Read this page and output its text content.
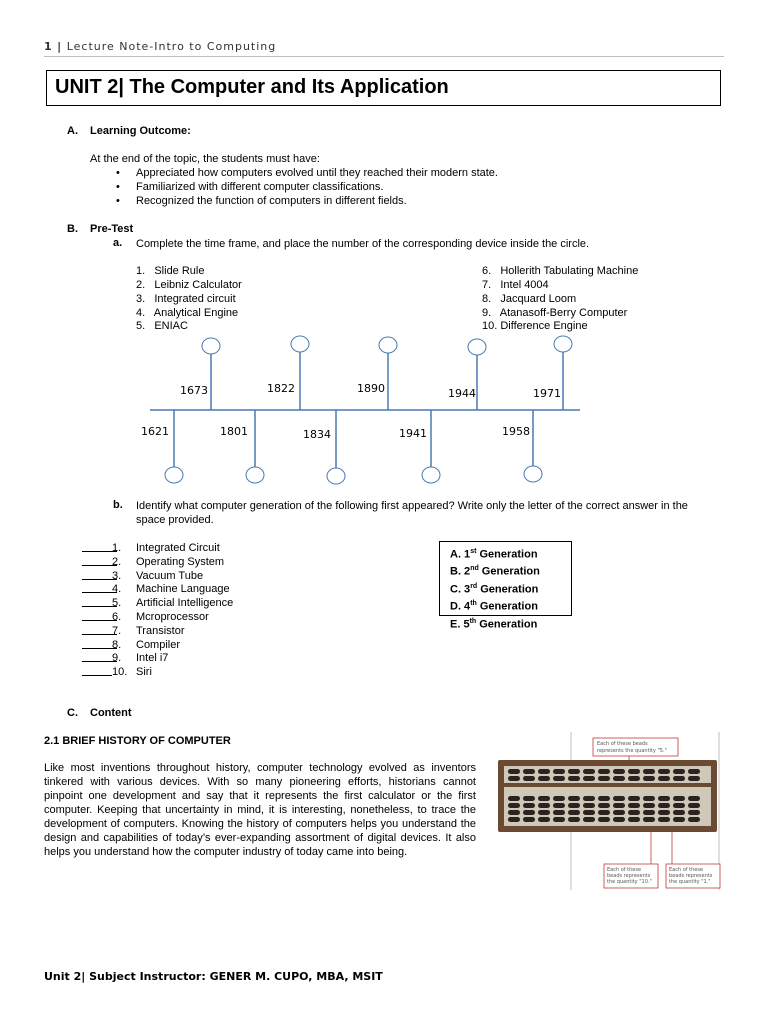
1 | Lecture Note-Intro to Computing
UNIT 2| The Computer and Its Application
A. Learning Outcome:
At the end of the topic, the students must have:
• Appreciated how computers evolved until they reached their modern state.
• Familiarized with different computer classifications.
• Recognized the function of computers in different fields.
B. Pre-Test
a. Complete the time frame, and place the number of the corresponding device inside the circle.
1.   Slide Rule
2.   Leibniz Calculator
3.   Integrated circuit
4.   Analytical Engine
5.   ENIAC
6.   Hollerith Tabulating Machine
7.   Intel 4004
8.   Jacquard Loom
9.   Atanasoff-Berry Computer
10. Difference Engine
1673	1822	1890	1944	1971
1621	1801	1834	1941	1958
b. Identify what computer generation of the following first appeared? Write only the letter of the correct answer in the
space provided.
1. Integrated Circuit
2. Operating System
3. Vacuum Tube
4. Machine Language
5. Artificial Intelligence
6. Mcroprocessor
7. Transistor
8. Compiler
9. Intel i7
10. Siri
A. 1st Generation
B. 2nd Generation
C. 3rd Generation
D. 4th Generation
E. 5th Generation
C. Content
2.1 BRIEF HISTORY OF COMPUTER
Like most inventions throughout history, computer technology evolved as inventors tinkered with various devices. With so many pioneering efforts, historians cannot pinpoint one development and say that it represents the first calculator or the first computer. Keeping that uncertainty in mind, it is interesting, nonetheless, to trace the development of computers. Knowing the history of computers helps you understand the design and capabilities of today’s ever-expanding assortment of digital devices. It also helps you understand how the computer industry of today came into being.
Each of these beads
represents the quantity "5."
Each of these
beads represents
the quantity "10."
Each of these
beads represents
the quantity "1."
Unit 2| Subject Instructor: GENER M. CUPO, MBA, MSIT
